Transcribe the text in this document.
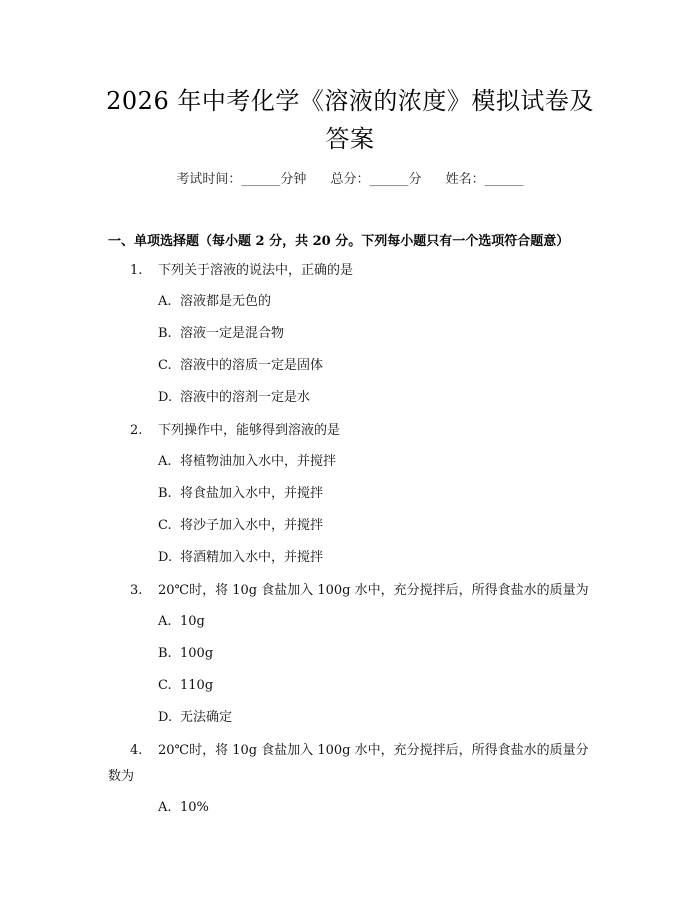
2026 年中考化学《溶液的浓度》模拟试卷及
答案
考试时间：______分钟 总分：______分 姓名：______
一、单项选择题（每小题 2 分，共 20 分。下列每小题只有一个选项符合题意）
1. 下列关于溶液的说法中，正确的是
A. 溶液都是无色的
B. 溶液一定是混合物
C. 溶液中的溶质一定是固体
D. 溶液中的溶剂一定是水
2. 下列操作中，能够得到溶液的是
A. 将植物油加入水中，并搅拌
B. 将食盐加入水中，并搅拌
C. 将沙子加入水中，并搅拌
D. 将酒精加入水中，并搅拌
3. 20℃时，将 10g 食盐加入 100g 水中，充分搅拌后，所得食盐水的质量为
A. 10g
B. 100g
C. 110g
D. 无法确定
4. 20℃时，将 10g 食盐加入 100g 水中，充分搅拌后，所得食盐水的质量分数为
A. 10%
